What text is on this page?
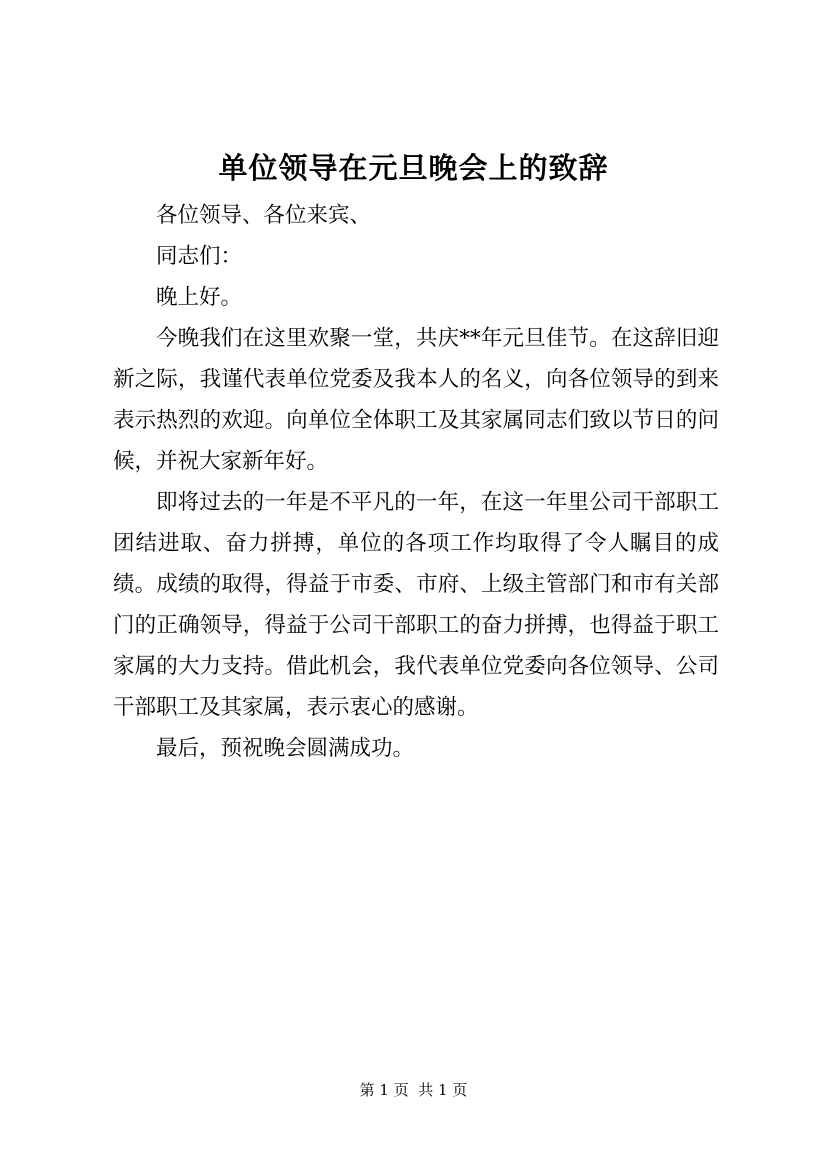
单位领导在元旦晚会上的致辞

各位领导、各位来宾、

同志们：

晚上好。

今晚我们在这里欢聚一堂，共庆**年元旦佳节。在这辞旧迎新之际，我谨代表单位党委及我本人的名义，向各位领导的到来表示热烈的欢迎。向单位全体职工及其家属同志们致以节日的问候，并祝大家新年好。

即将过去的一年是不平凡的一年，在这一年里公司干部职工团结进取、奋力拼搏，单位的各项工作均取得了令人瞩目的成绩。成绩的取得，得益于市委、市府、上级主管部门和市有关部门的正确领导，得益于公司干部职工的奋力拼搏，也得益于职工家属的大力支持。借此机会，我代表单位党委向各位领导、公司干部职工及其家属，表示衷心的感谢。

最后，预祝晚会圆满成功。

第 1 页  共 1 页
